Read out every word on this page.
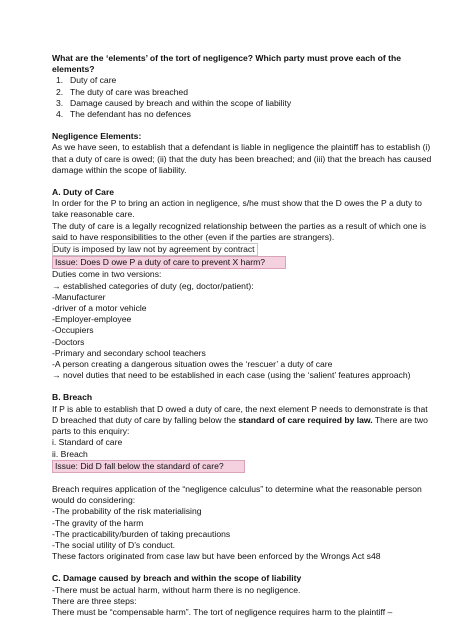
What are the ‘elements’ of the tort of negligence? Which party must prove each of the elements?

1. Duty of care
2. The duty of care was breached
3. Damage caused by breach and within the scope of liability
4. The defendant has no defences

Negligence Elements:

As we have seen, to establish that a defendant is liable in negligence the plaintiff has to establish (i) that a duty of care is owed; (ii) that the duty has been breached; and (iii) that the breach has caused damage within the scope of liability.

A. Duty of Care

In order for the P to bring an action in negligence, s/he must show that the D owes the P a duty to take reasonable care.

The duty of care is a legally recognized relationship between the parties as a result of which one is said to have responsibilities to the other (even if the parties are strangers).

Duty is imposed by law not by agreement by contract

Issue: Does D owe P a duty of care to prevent X harm?

Duties come in two versions:

→ established categories of duty (eg, doctor/patient):

-Manufacturer

-driver of a motor vehicle

-Employer-employee

-Occupiers

-Doctors

-Primary and secondary school teachers

-A person creating a dangerous situation owes the ‘rescuer’ a duty of care

→ novel duties that need to be established in each case (using the ‘salient’ features approach)

B. Breach

If P is able to establish that D owed a duty of care, the next element P needs to demonstrate is that D breached that duty of care by falling below the standard of care required by law. There are two parts to this enquiry:

i. Standard of care

ii. Breach

Issue: Did D fall below the standard of care?

Breach requires application of the “negligence calculus” to determine what the reasonable person would do considering:

-The probability of the risk materialising

-The gravity of the harm

-The practicability/burden of taking precautions

-The social utility of D’s conduct.

These factors originated from case law but have been enforced by the Wrongs Act s48

C. Damage caused by breach and within the scope of liability

-There must be actual harm, without harm there is no negligence.

There are three steps:

There must be “compensable harm”. The tort of negligence requires harm to the plaintiff –
